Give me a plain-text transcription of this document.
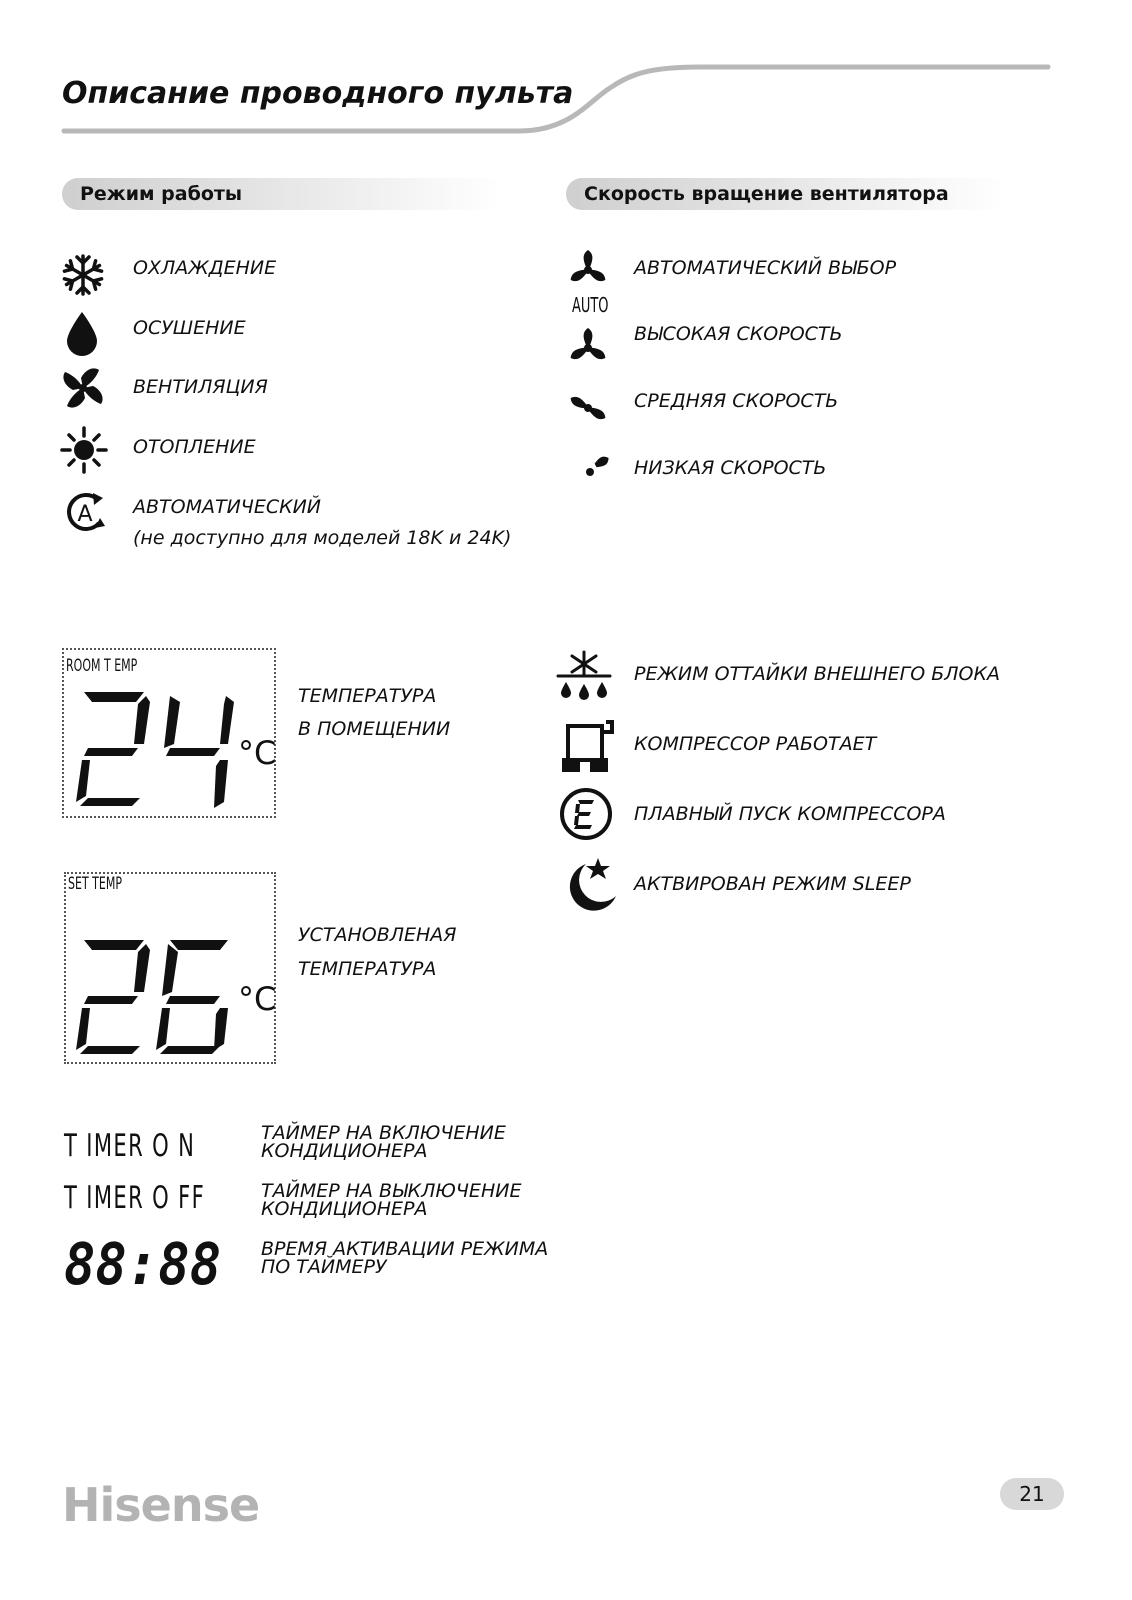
Описание проводного пульта
Режим работы	Скорость вращение вентилятора
ОХЛАЖДЕНИЕ
ОСУШЕНИЕ
ВЕНТИЛЯЦИЯ
ОТОПЛЕНИЕ
A АВТОМАТИЧЕСКИЙ
(не доступно для моделей 18K и 24K)
AUTO
АВТОМАТИЧЕСКИЙ ВЫБОР
ВЫСОКАЯ СКОРОСТЬ
СРЕДНЯЯ СКОРОСТЬ
НИЗКАЯ СКОРОСТЬ
ROOM T EMP
°C
ТЕМПЕРАТУРА
В ПОМЕЩЕНИИ
SET TEMP
°C
УСТАНОВЛЕНАЯ
ТЕМПЕРАТУРА
РЕЖИМ ОТТАЙКИ ВНЕШНЕГО БЛОКА
КОМПРЕССОР РАБОТАЕТ
ПЛАВНЫЙ ПУСК КОМПРЕССОРА
АКТВИРОВАН РЕЖИМ SLEEP
T IMER O N	ТАЙМЕР НА ВКЛЮЧЕНИЕ
КОНДИЦИОНЕРА
T IMER O FF	ТАЙМЕР НА ВЫКЛЮЧЕНИЕ
КОНДИЦИОНЕРА
88:88 ВРЕМЯ АКТИВАЦИИ РЕЖИМА
ПО ТАЙМЕРУ
Hisense	21
